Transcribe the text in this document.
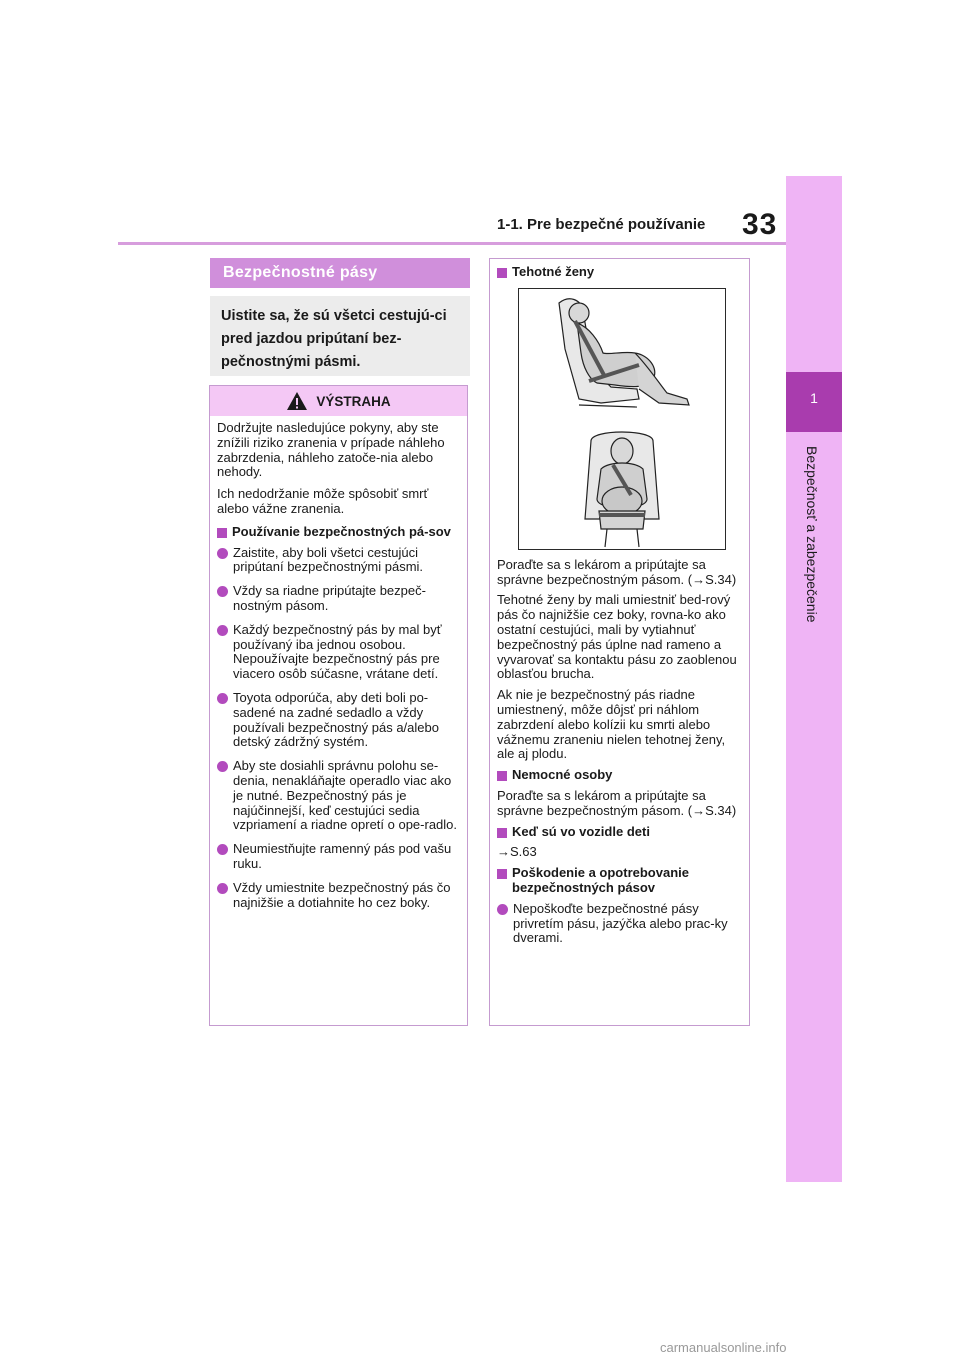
1-1. Pre bezpečné používanie 33
1
Bezpečnosť a zabezpečenie
Bezpečnostné pásy
Uistite sa, že sú všetci cestujú-ci pred jazdou pripútaní bez-pečnostnými pásmi.
VÝSTRAHA

Dodržujte nasledujúce pokyny, aby ste znížili riziko zranenia v prípade náhleho zabrzdenia, náhleho zatoče-nia alebo nehody.

Ich nedodržanie môže spôsobiť smrť alebo vážne zranenia.

Používanie bezpečnostných pá-sov
Zaistite, aby boli všetci cestujúci pripútaní bezpečnostnými pásmi.
Vždy sa riadne pripútajte bezpeč-nostným pásom.
Každý bezpečnostný pás by mal byť používaný iba jednou osobou. Nepoužívajte bezpečnostný pás pre viacero osôb súčasne, vrátane detí.
Toyota odporúča, aby deti boli po-sadené na zadné sedadlo a vždy používali bezpečnostný pás a/alebo detský zádržný systém.
Aby ste dosiahli správnu polohu se-denia, nenakláňajte operadlo viac ako je nutné. Bezpečnostný pás je najúčinnejší, keď cestujúci sedia vzpriamení a riadne opretí o ope-radlo.
Neumiestňujte ramenný pás pod vašu ruku.
Vždy umiestnite bezpečnostný pás čo najnižšie a dotiahnite ho cez boky.
Tehotné ženy

Poraďte sa s lekárom a pripútajte sa správne bezpečnostným pásom. (→S.34)

Tehotné ženy by mali umiestniť bed-rový pás čo najnižšie cez boky, rovna-ko ako ostatní cestujúci, mali by vytiahnuť bezpečnostný pás úplne nad rameno a vyvarovať sa kontaktu pásu zo zaoblenou oblasťou brucha.

Ak nie je bezpečnostný pás riadne umiestnený, môže dôjsť pri náhlom zabrzdení alebo kolízii ku smrti alebo vážnemu zraneniu nielen tehotnej ženy, ale aj plodu.

Nemocné osoby

Poraďte sa s lekárom a pripútajte sa správne bezpečnostným pásom. (→S.34)

Keď sú vo vozidle deti

→S.63

Poškodenie a opotrebovanie bezpečnostných pásov
Nepoškoďte bezpečnostné pásy privretím pásu, jazýčka alebo prac-ky dverami.
carmanualsonline.info
